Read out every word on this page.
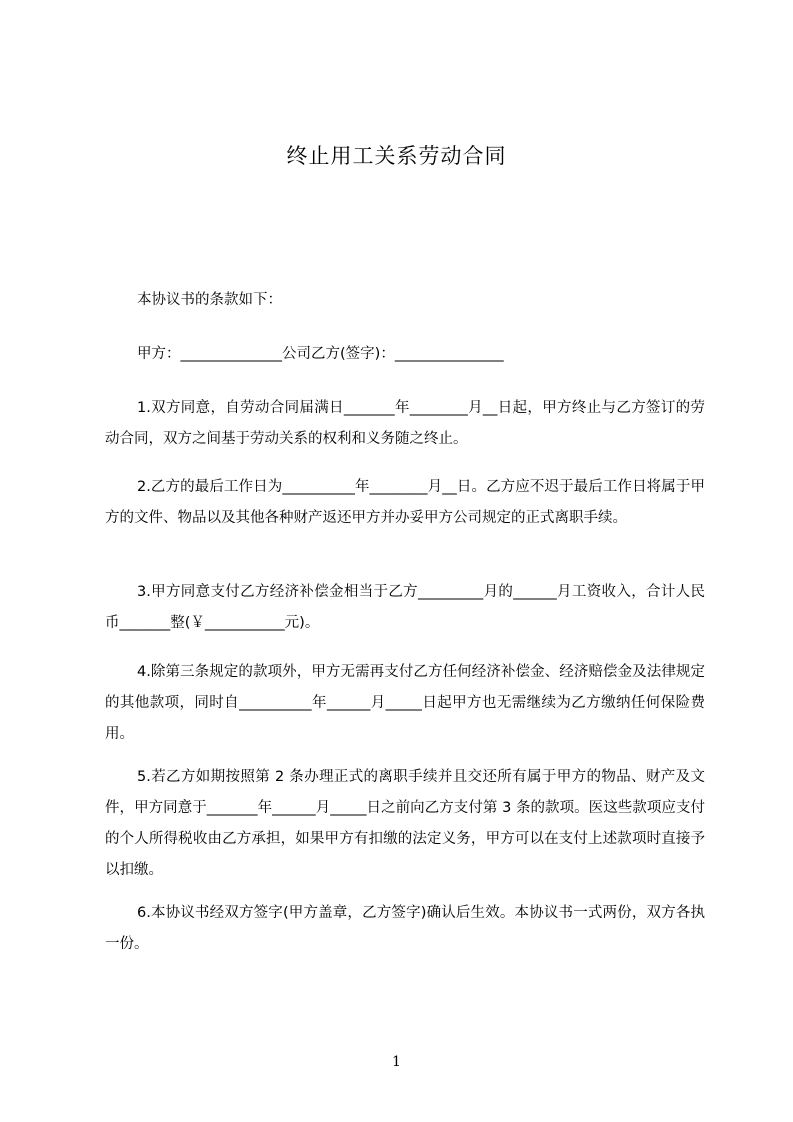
终止用工关系劳动合同
本协议书的条款如下：
甲方：______________公司乙方(签字)：_______________
1.双方同意，自劳动合同届满日_______年________月__日起，甲方终止与乙方签订的劳动合同，双方之间基于劳动关系的权利和义务随之终止。
2.乙方的最后工作日为__________年________月__日。乙方应不迟于最后工作日将属于甲方的文件、物品以及其他各种财产返还甲方并办妥甲方公司规定的正式离职手续。
3.甲方同意支付乙方经济补偿金相当于乙方_________月的______月工资收入，合计人民币_______整(￥___________元)。
4.除第三条规定的款项外，甲方无需再支付乙方任何经济补偿金、经济赔偿金及法律规定的其他款项，同时自__________年______月_____日起甲方也无需继续为乙方缴纳任何保险费用。
5.若乙方如期按照第 2 条办理正式的离职手续并且交还所有属于甲方的物品、财产及文件，甲方同意于_______年______月_____日之前向乙方支付第 3 条的款项。医这些款项应支付的个人所得税收由乙方承担，如果甲方有扣缴的法定义务，甲方可以在支付上述款项时直接予以扣缴。
6.本协议书经双方签字(甲方盖章，乙方签字)确认后生效。本协议书一式两份，双方各执一份。
1
